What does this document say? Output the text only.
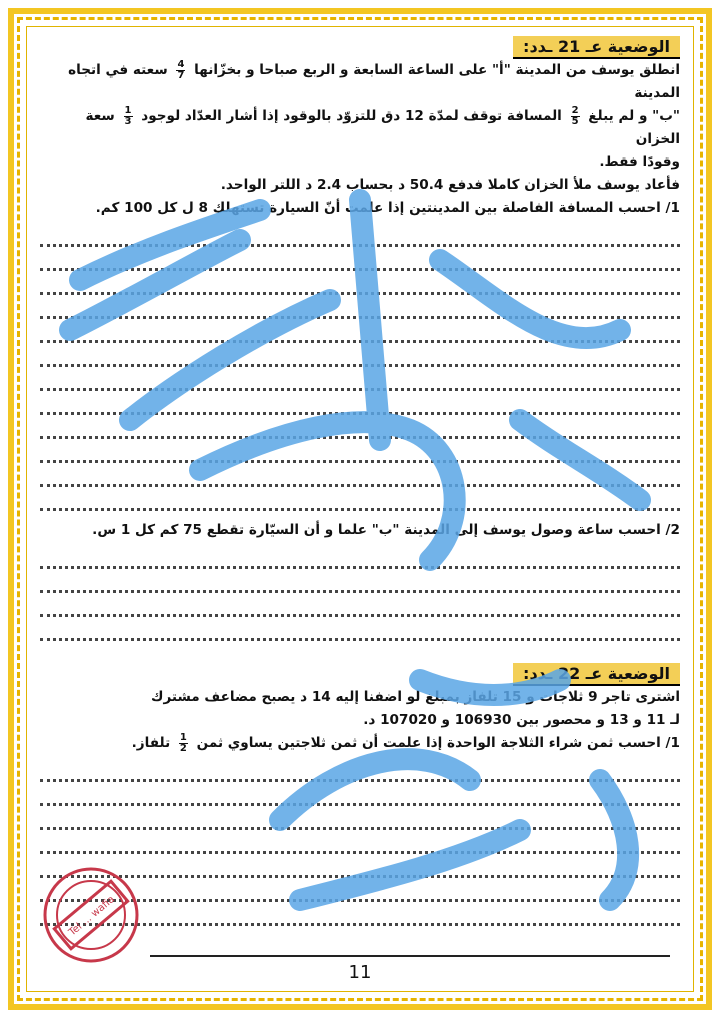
الوضعية عـ 21 ـدد:

انطلق يوسف من المدينة "أ" على الساعة السابعة و الربع صباحا و بخزّانها
$\frac{4}{7}$
سعته في اتجاه المدينة

"ب" و لم يبلغ
$\frac{2}{5}$
المسافة توقف لمدّة 12 دق للتزوّد بالوقود إذا أشار العدّاد لوجود
$\frac{1}{3}$
سعة الخزان

وقودًا فقط.

فأعاد يوسف ملأ الخزان كاملا فدفع 50.4 د بحساب 2.4 د اللتر الواحد.

1/ احسب المسافة الفاصلة بين المدينتين إذا علمت أنّ السيارة تستهلك 8 ل كل 100 كم.

2/ احسب ساعة وصول يوسف إلى المدينة "ب" علما و أن السيّارة تقطع 75 كم كل 1 س.

الوضعية عـ 22 ـدد:

اشترى تاجر 9 ثلاجات و 15 تلفاز بمبلغ لو اضفنا إليه 14 د يصبح مضاعف مشترك

لـ 11 و 13 و محصور بين 106930 و 107020 د.

1/ احسب ثمن شراء الثلاجة الواحدة إذا علمت أن ثمن ثلاجتين يساوي ثمن
$\frac{1}{2}$
تلفاز.

Tel ... wafia
11
